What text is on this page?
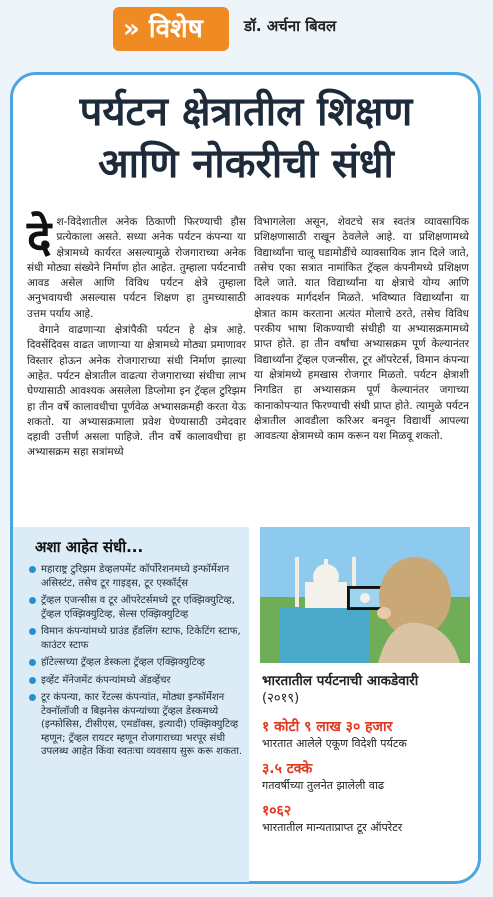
» विशेष	डॉ. अर्चना बिवल
पर्यटन क्षेत्रातील शिक्षण
आणि नोकरीची संधी

देश-विदेशातील अनेक ठिकाणी फिरण्याची हौस प्रत्येकाला असते. सध्या अनेक पर्यटन कंपन्या या क्षेत्रामध्ये कार्यरत असल्यामुळे रोजगाराच्या अनेक संधी मोठ्या संख्येने निर्माण होत आहेत. तुम्हाला पर्यटनाची आवड असेल आणि विविध पर्यटन क्षेत्रे तुम्हाला अनुभवायची असल्यास पर्यटन शिक्षण हा तुमच्यासाठी उत्तम पर्याय आहे.

वेगाने वाढणाऱ्या क्षेत्रांपैकी पर्यटन हे क्षेत्र आहे. दिवसेंदिवस वाढत जाणाऱ्या या क्षेत्रामध्ये मोठ्या प्रमाणावर विस्तार होऊन अनेक रोजगाराच्या संधी निर्माण झाल्या आहेत. पर्यटन क्षेत्रातील वाढत्या रोजगाराच्या संधीचा लाभ घेण्यासाठी आवश्यक असलेला डिप्लोमा इन ट्रॅव्हल टुरिझम हा तीन वर्षे कालावधीचा पूर्णवेळ अभ्यासक्रमही करता येऊ शकतो. या अभ्यासक्रमाला प्रवेश घेण्यासाठी उमेदवार दहावी उत्तीर्ण असला पाहिजे. तीन वर्षे कालावधीचा हा अभ्यासक्रम सहा सत्रांमध्ये

विभागलेला असून, शेवटचे सत्र स्वतंत्र व्यावसायिक प्रशिक्षणासाठी राखून ठेवलेले आहे. या प्रशिक्षणामध्ये विद्यार्थ्यांना चालू घडामोडींचे व्यावसायिक ज्ञान दिले जाते, तसेच एका सत्रात नामांकित ट्रॅव्हल कंपनीमध्ये प्रशिक्षण दिले जाते. यात विद्यार्थ्यांना या क्षेत्राचे योग्य आणि आवश्यक मार्गदर्शन मिळते. भविष्यात विद्यार्थ्यांना या क्षेत्रात काम करताना अत्यंत मोलाचे ठरते, तसेच विविध परकीय भाषा शिकण्याची संधीही या अभ्यासक्रमामध्ये प्राप्त होते. हा तीन वर्षांचा अभ्यासक्रम पूर्ण केल्यानंतर विद्यार्थ्यांना ट्रॅव्हल एजन्सीस, टूर ऑपरेटर्स, विमान कंपन्या या क्षेत्रांमध्ये हमखास रोजगार मिळतो. पर्यटन क्षेत्राशी निगडित हा अभ्यासक्रम पूर्ण केल्यानंतर जगाच्या कानाकोपऱ्यात फिरण्याची संधी प्राप्त होते. त्यामुळे पर्यटन क्षेत्रातील आवडीला करिअर बनवून विद्यार्थी आपल्या आवडत्या क्षेत्रामध्ये काम करून यश मिळवू शकतो.

अशा आहेत संधी...
महाराष्ट्र टुरिझम डेव्हलपमेंट कॉर्पोरेशनमध्ये इन्फॉर्मेशन असिस्टंट, तसेच टूर गाइड्स, टूर एस्कॉर्ट्स
ट्रॅव्हल एजन्सीस व टूर ऑपरेटर्समध्ये टूर एक्झिक्युटिव्ह, ट्रॅव्हल एक्झिक्युटिव्ह, सेल्स एक्झिक्युटिव्ह
विमान कंपन्यांमध्ये ग्राउंड हँडलिंग स्टाफ, टिकेटिंग स्टाफ, काउंटर स्टाफ
हॉटेल्सच्या ट्रॅव्हल डेस्कला ट्रॅव्हल एक्झिक्युटिव्ह
इव्हेंट मॅनेजमेंट कंपन्यांमध्ये ॲडव्हेंचर
टूर कंपन्या, कार रेंटल्स कंपन्यांत, मोठ्या इन्फॉर्मेशन टेक्नॉलॉजी व बिझनेस कंपन्यांच्या ट्रॅव्हल डेस्कमध्ये (इन्फोसिस, टीसीएस, एमडॉक्स, इत्यादी) एक्झिक्युटिव्ह म्हणून; ट्रॅव्हल रायटर म्हणून रोजगाराच्या भरपूर संधी उपलब्ध आहेत किंवा स्वतःचा व्यवसाय सुरू करू शकता.
भारतातील पर्यटनाची आकडेवारी
(२०१९)
१ कोटी ९ लाख ३० हजार
भारतात आलेले एकूण विदेशी पर्यटक
३.५ टक्के
गतवर्षीच्या तुलनेत झालेली वाढ
१०६२
भारतातील मान्यताप्राप्त टूर ऑपरेटर
